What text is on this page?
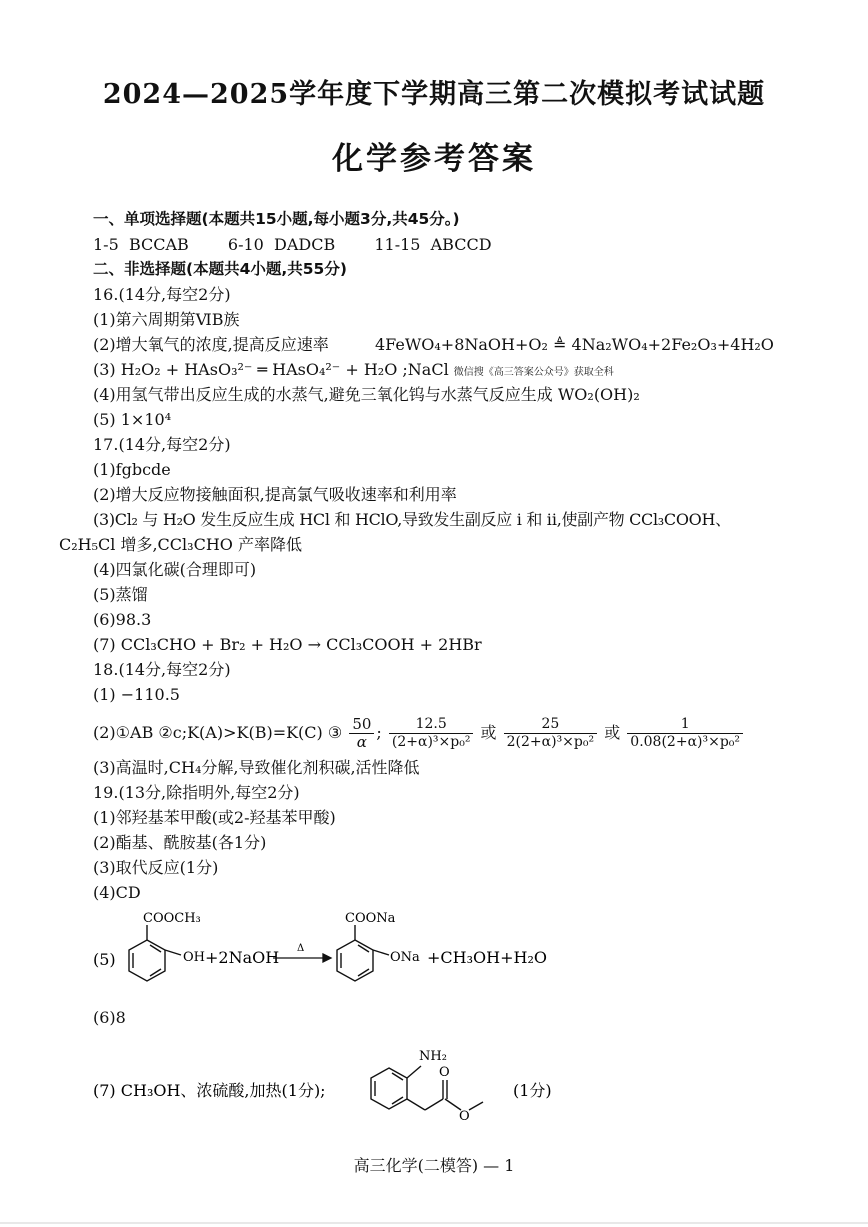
2024—2025学年度下学期高三第二次模拟考试试题
化学参考答案
一、单项选择题(本题共15小题,每小题3分,共45分。)
1-5 BCCAB 6-10 DADCB 11-15 ABCCD
二、非选择题(本题共4小题,共55分)
16.(14分,每空2分)
(1)第六周期第ⅥB族
(2)增大氧气的浓度,提高反应速率	4FeWO₄+8NaOH+O₂ ≜ 4Na₂WO₄+2Fe₂O₃+4H₂O
(3) H₂O₂ + HAsO₃²⁻ ═ HAsO₄²⁻ + H₂O ;NaCl 微信搜《高三答案公众号》获取全科
(4)用氢气带出反应生成的水蒸气,避免三氧化钨与水蒸气反应生成 WO₂(OH)₂
(5) 1×10⁴
17.(14分,每空2分)
(1)fgbcde
(2)增大反应物接触面积,提高氯气吸收速率和利用率
(3)Cl₂ 与 H₂O 发生反应生成 HCl 和 HClO,导致发生副反应 ⅰ 和 ⅱ,使副产物 CCl₃COOH、
C₂H₅Cl 增多,CCl₃CHO 产率降低
(4)四氯化碳(合理即可)
(5)蒸馏
(6)98.3
(7) CCl₃CHO + Br₂ + H₂O → CCl₃COOH + 2HBr
18.(14分,每空2分)
(1) −110.5
(2)①AB ②c;K(A)>K(B)=K(C) ③ $\frac{50}{\alpha}$ ; $\frac{12.5}{\text{(2+α)³×p₀²}}$ 或 $\frac{25}{\text{2(2+α)³×p₀²}}$ 或 $\frac{1}{\text{0.08(2+α)³×p₀²}}$
(3)高温时,CH₄分解,导致催化剂积碳,活性降低
19.(13分,除指明外,每空2分)
(1)邻羟基苯甲酸(或2-羟基苯甲酸)
(2)酯基、酰胺基(各1分)
(3)取代反应(1分)
(4)CD
(5)
COOCH₃
OH +2NaOH Δ
COONa
ONa +CH₃OH+H₂O
(6)8
(7) CH₃OH、浓硫酸,加热(1分);
NH₂
O
O
(1分)
高三化学(二模答) — 1
